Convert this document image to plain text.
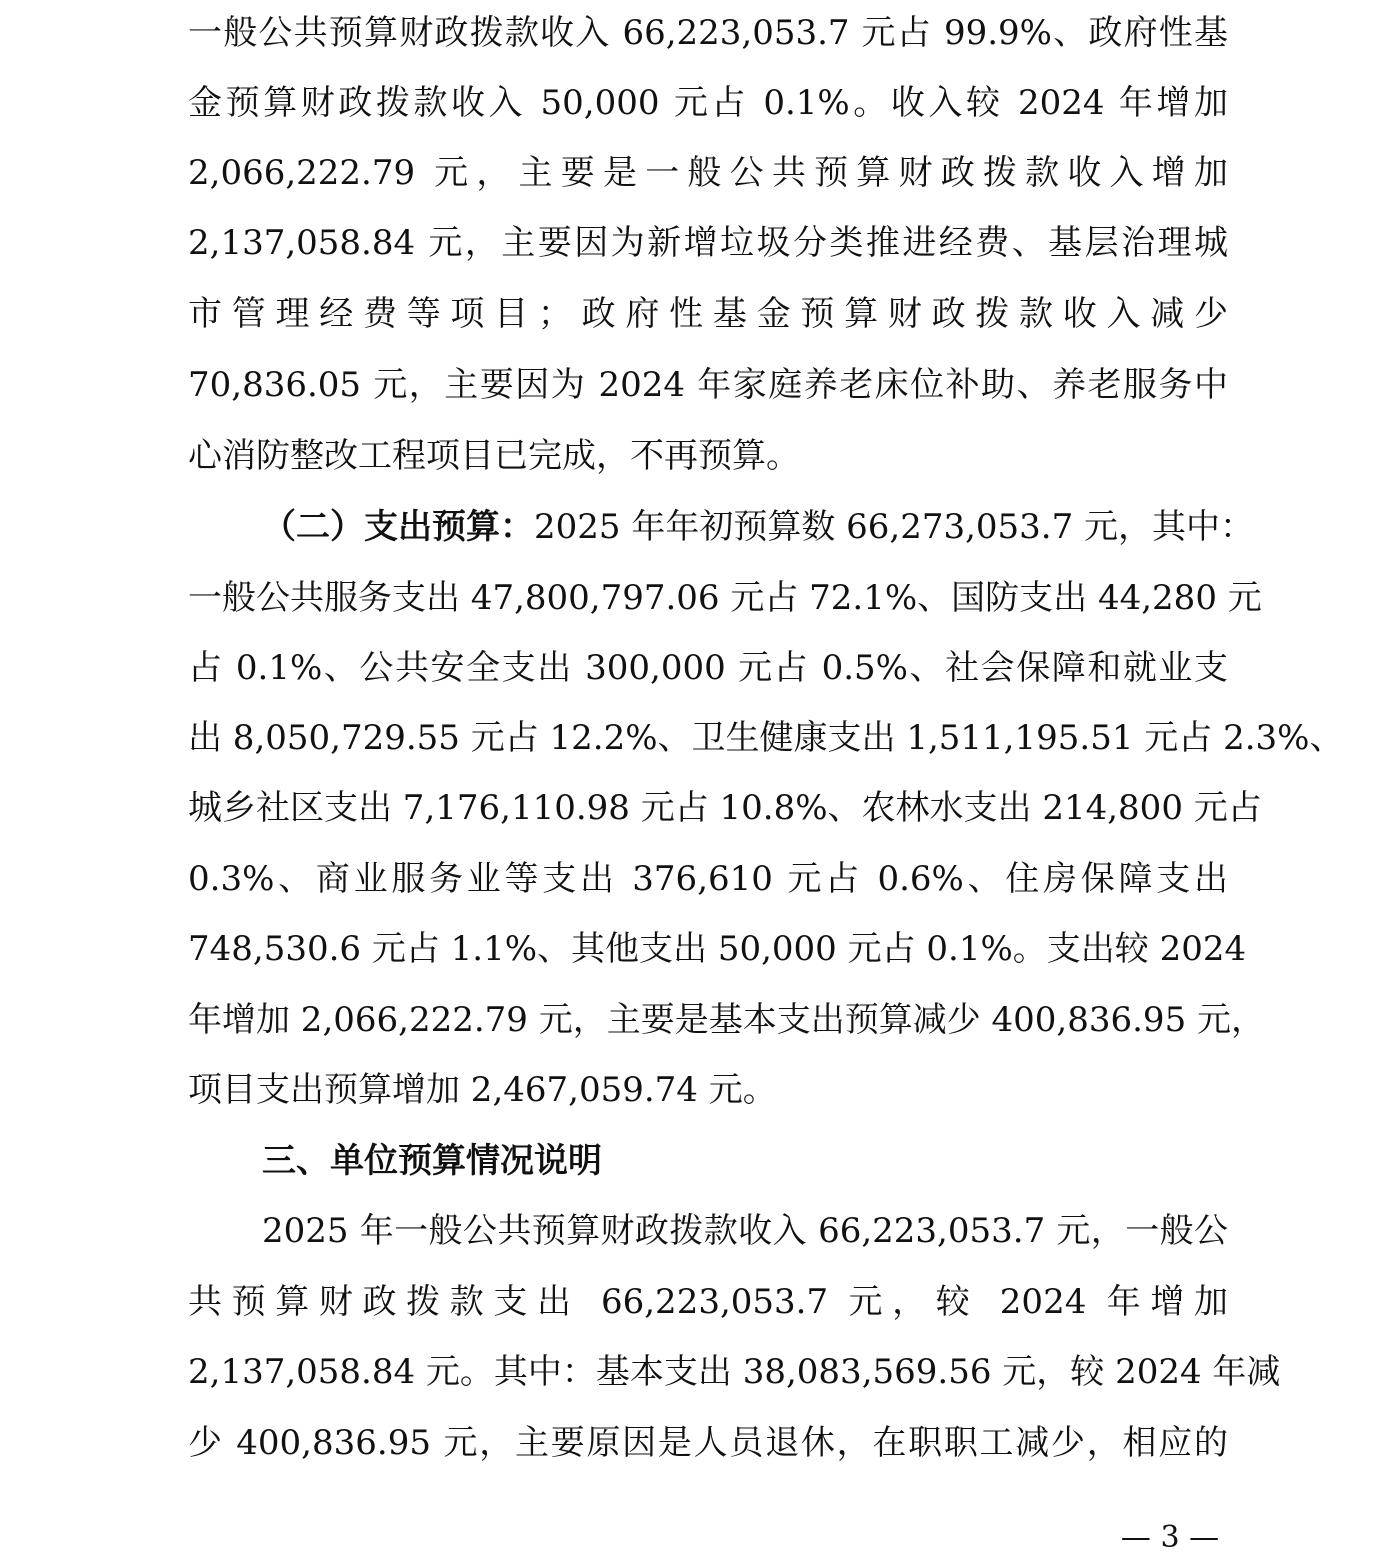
一般公共预算财政拨款收入 66,223,053.7 元占 99.9%、政府性基
金预算财政拨款收入 50,000 元占 0.1%。收入较 2024 年增加
2,066,222.79 元，主要是一般公共预算财政拨款收入增加
2,137,058.84 元，主要因为新增垃圾分类推进经费、基层治理城
市管理经费等项目；政府性基金预算财政拨款收入减少
70,836.05 元，主要因为 2024 年家庭养老床位补助、养老服务中
心消防整改工程项目已完成，不再预算。
（二）支出预算：2025 年年初预算数 66,273,053.7 元，其中：
一般公共服务支出 47,800,797.06 元占 72.1%、国防支出 44,280 元
占 0.1%、公共安全支出 300,000 元占 0.5%、社会保障和就业支
出 8,050,729.55 元占 12.2%、卫生健康支出 1,511,195.51 元占 2.3%、
城乡社区支出 7,176,110.98 元占 10.8%、农林水支出 214,800 元占
0.3%、商业服务业等支出 376,610 元占 0.6%、住房保障支出
748,530.6 元占 1.1%、其他支出 50,000 元占 0.1%。支出较 2024
年增加 2,066,222.79 元，主要是基本支出预算减少 400,836.95 元，
项目支出预算增加 2,467,059.74 元。
三、单位预算情况说明
2025 年一般公共预算财政拨款收入 66,223,053.7 元，一般公
共预算财政拨款支出 66,223,053.7 元，较 2024 年增加
2,137,058.84 元。其中：基本支出 38,083,569.56 元，较 2024 年减
少 400,836.95 元，主要原因是人员退休，在职职工减少，相应的
— 3 —
